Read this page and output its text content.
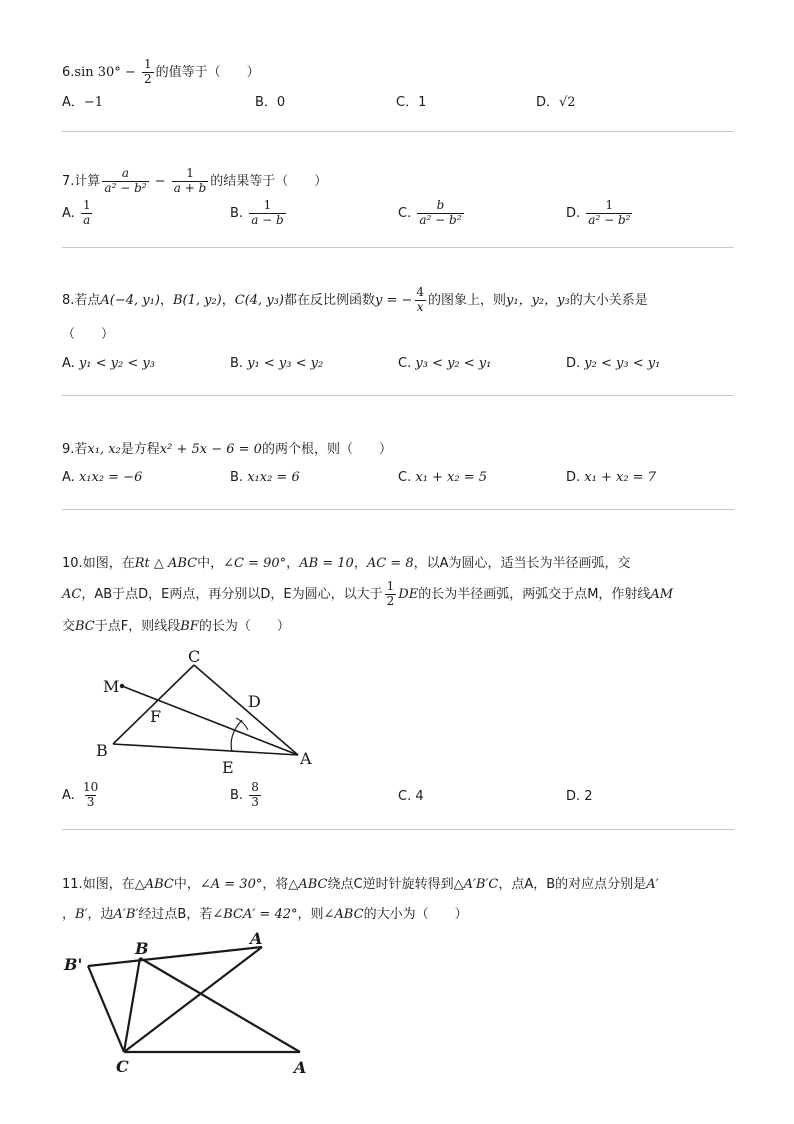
6.sin $30^\circ - \frac{1}{2}$ 的值等于（　　）
A．−1	B．0	C．1	D．√2
7.计算 $\frac{a}{\text{a² − b²}} - \frac{1}{a + b}$ 的结果等于（　　）
A. $\frac{1}{a}$	B. $\frac{1}{a - b}$	C. $\frac{b}{\text{a² − b²}}$	D. $\frac{1}{\text{a² − b²}}$
8.若点A(−4, y₁)，B(1, y₂)，C(4, y₃)都在反比例函数y = − $\frac{4}{x}$ 的图象上，则y₁，y₂，y₃的大小关系是
（　　）
A. y₁ < y₂ < y₃	B. y₁ < y₃ < y₂	C. y₃ < y₂ < y₁	D. y₂ < y₃ < y₁
9.若x₁, x₂是方程x² + 5x − 6 = 0的两个根，则（　　）
A. x₁x₂ = −6	B. x₁x₂ = 6	C. x₁ + x₂ = 5	D. x₁ + x₂ = 7
10.如图，在Rt △ ABC中，∠C = 90°，AB = 10，AC = 8，以A为圆心，适当长为半径画弧，交
AC，AB于点D，E两点，再分别以D，E为圆心，以大于 $\frac{1}{2}$ DE的长为半径画弧，两弧交于点M，作射线AM
交BC于点F，则线段BF的长为（　　）
C
M
D
F
B
E	A
A. $\frac{10}{3}$	B. $\frac{8}{3}$	C. 4	D. 2
11.如图，在△ABC中，∠A = 30°，将△ABC绕点C逆时针旋转得到△A′B′C，点A，B的对应点分别是A′
，B′，边A′B′经过点B，若∠BCA′ = 42°，则∠ABC的大小为（　　）
B'
B
A
C	A
